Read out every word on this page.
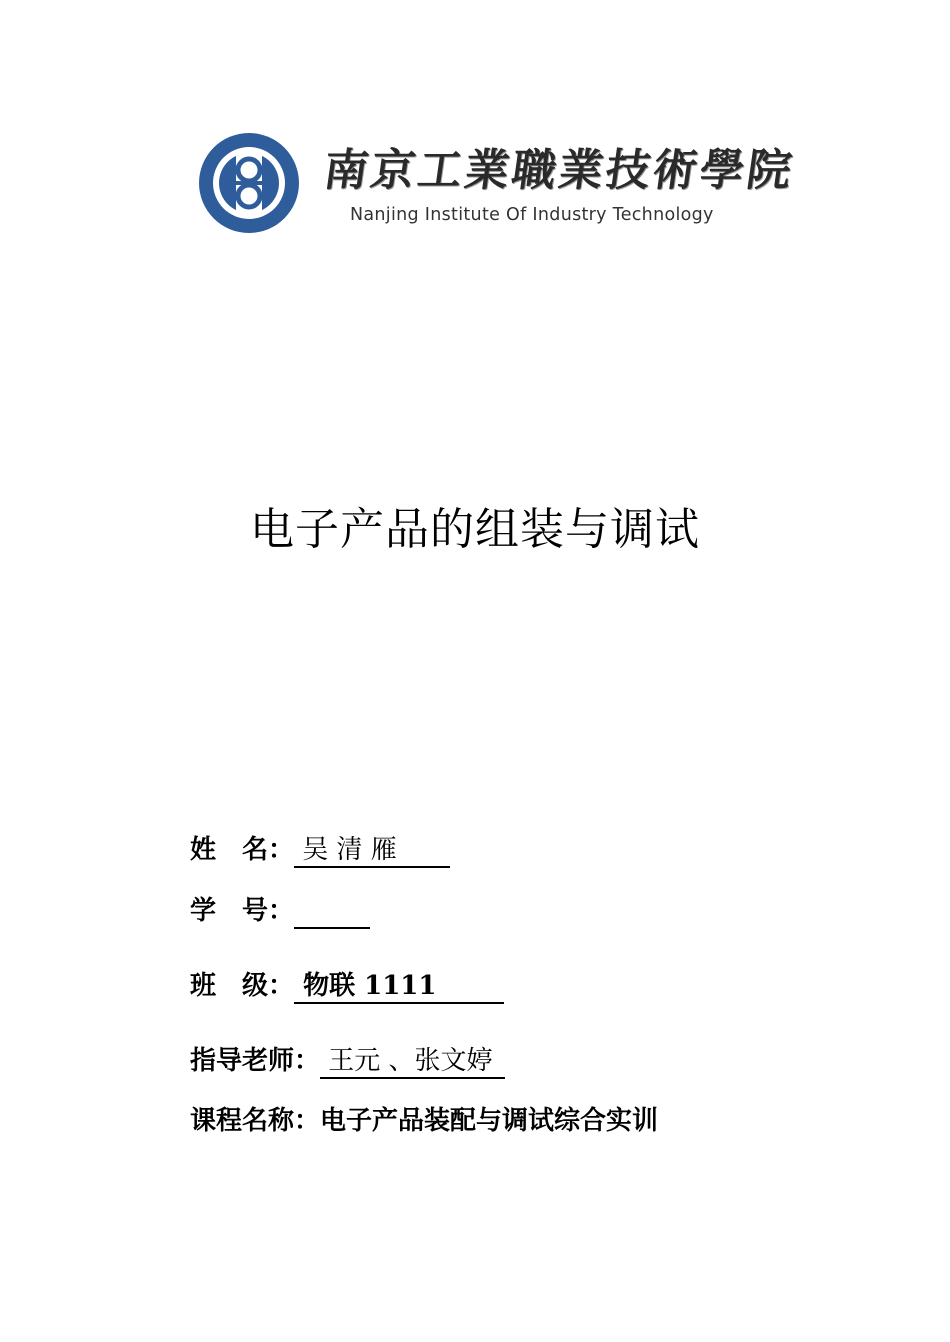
南京工業職業技術學院
Nanjing Institute Of Industry Technology
电子产品的组装与调试
姓　名： 吴 清 雁
学　号：
班　级： 物联 1111
指导老师： 王元 、张文婷
课程名称：电子产品装配与调试综合实训
